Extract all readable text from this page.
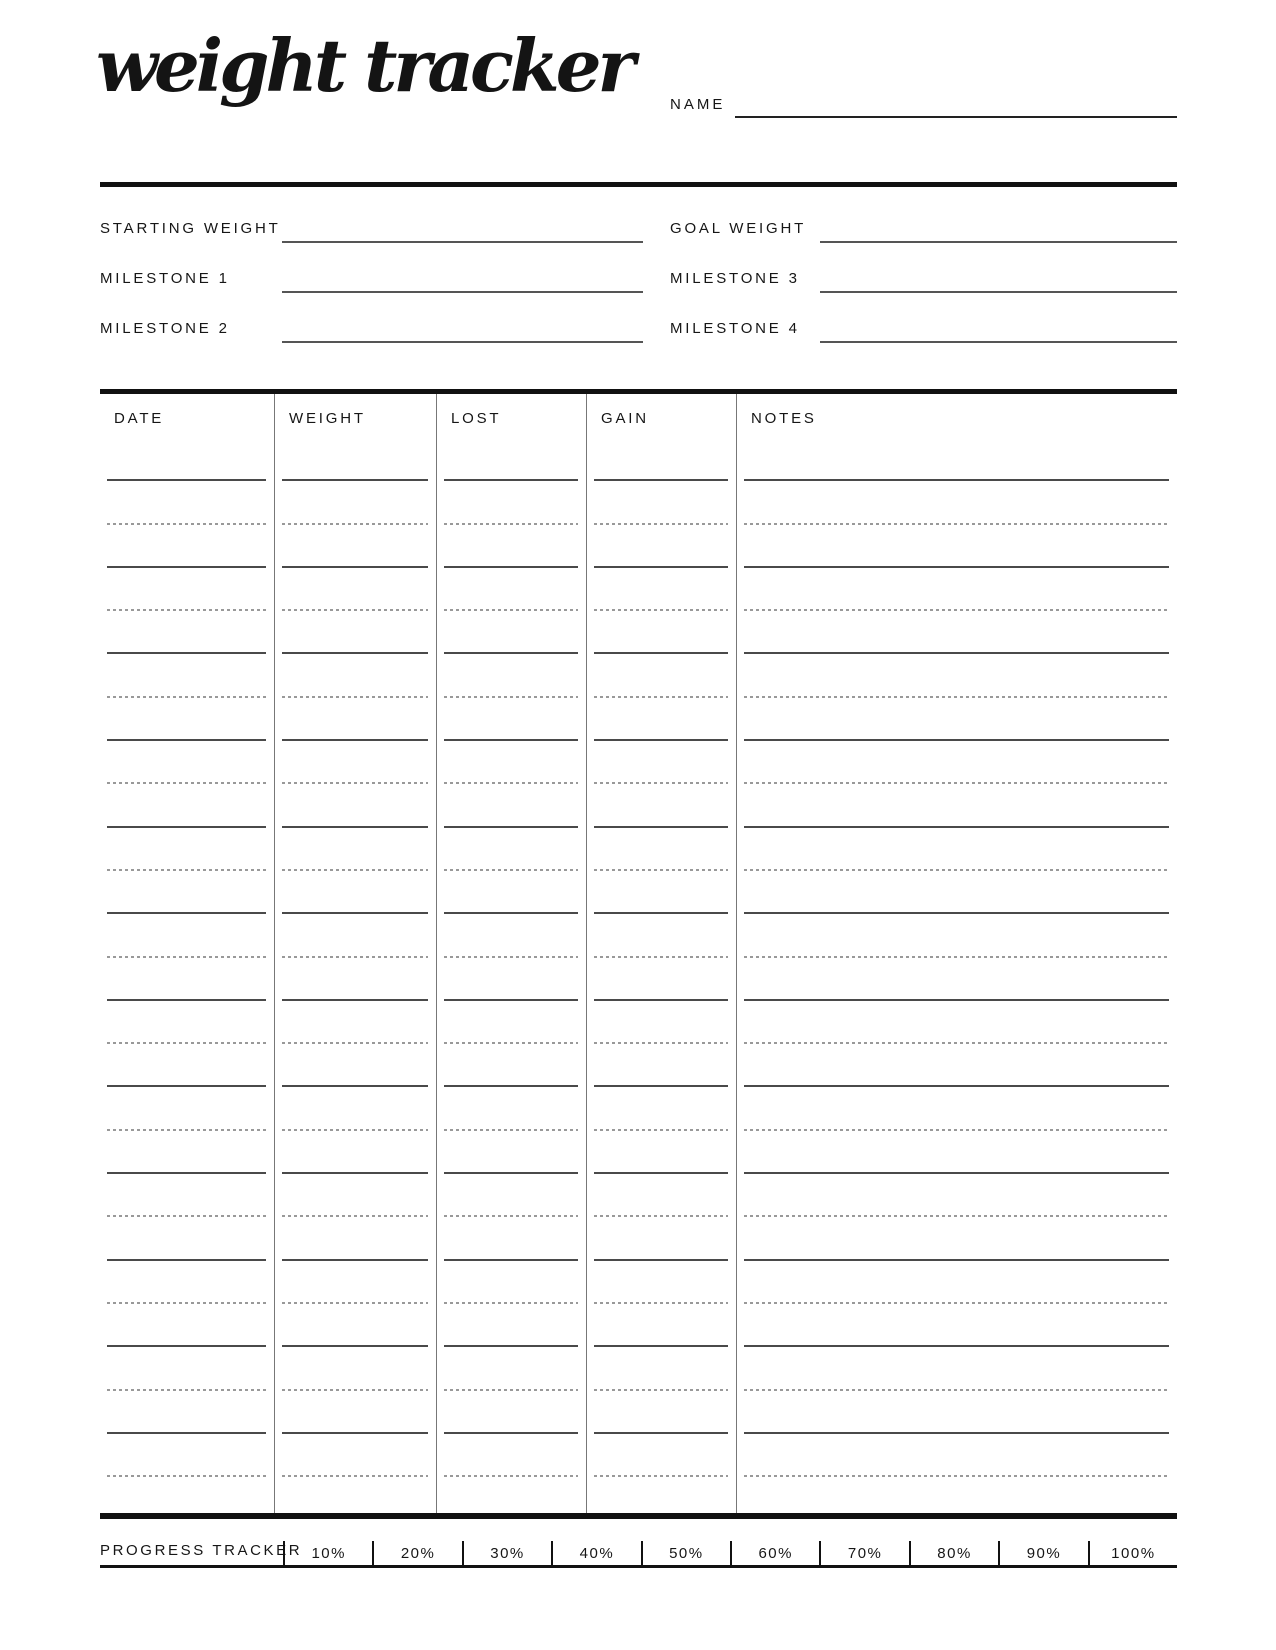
weight tracker	NAME
STARTING WEIGHT
MILESTONE 1
MILESTONE 2
GOAL WEIGHT
MILESTONE 3
MILESTONE 4
DATE	WEIGHT	LOST	GAIN	NOTES
PROGRESS TRACKER 10%	20%	30%	40%	50%	60%	70%	80%	90%	100%
